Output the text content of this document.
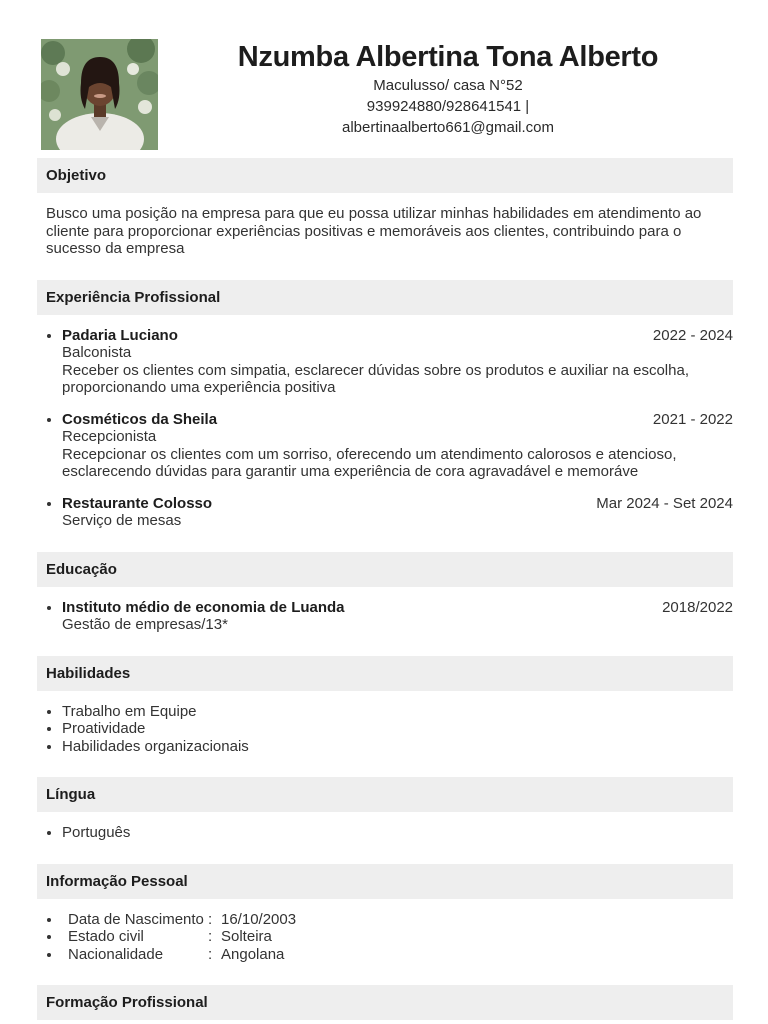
Nzumba Albertina Tona Alberto
Maculusso/ casa N°52
939924880/928641541 |
albertinaalberto661@gmail.com
Objetivo
Busco uma posição na empresa para que eu possa utilizar minhas habilidades em atendimento ao cliente para proporcionar experiências positivas e memoráveis aos clientes, contribuindo para o sucesso da empresa
Experiência Profissional
• Padaria Luciano	2022 - 2024
Balconista
Receber os clientes com simpatia, esclarecer dúvidas sobre os produtos e auxiliar na escolha, proporcionando uma experiência positiva
• Cosméticos da Sheila	2021 - 2022
Recepcionista
Recepcionar os clientes com um sorriso, oferecendo um atendimento calorosos e atencioso, esclarecendo dúvidas para garantir uma experiência de cora agravadável e memoráve
• Restaurante Colosso	Mar 2024 - Set 2024
Serviço de mesas
Educação
• Instituto médio de economia de Luanda	2018/2022
Gestão de empresas/13*
Habilidades
• Trabalho em Equipe
• Proatividade
• Habilidades organizacionais
Língua
• Português
Informação Pessoal
• Data de Nascimento : 16/10/2003
• Estado civil	: Solteira
• Nacionalidade	: Angolana
Formação Profissional
